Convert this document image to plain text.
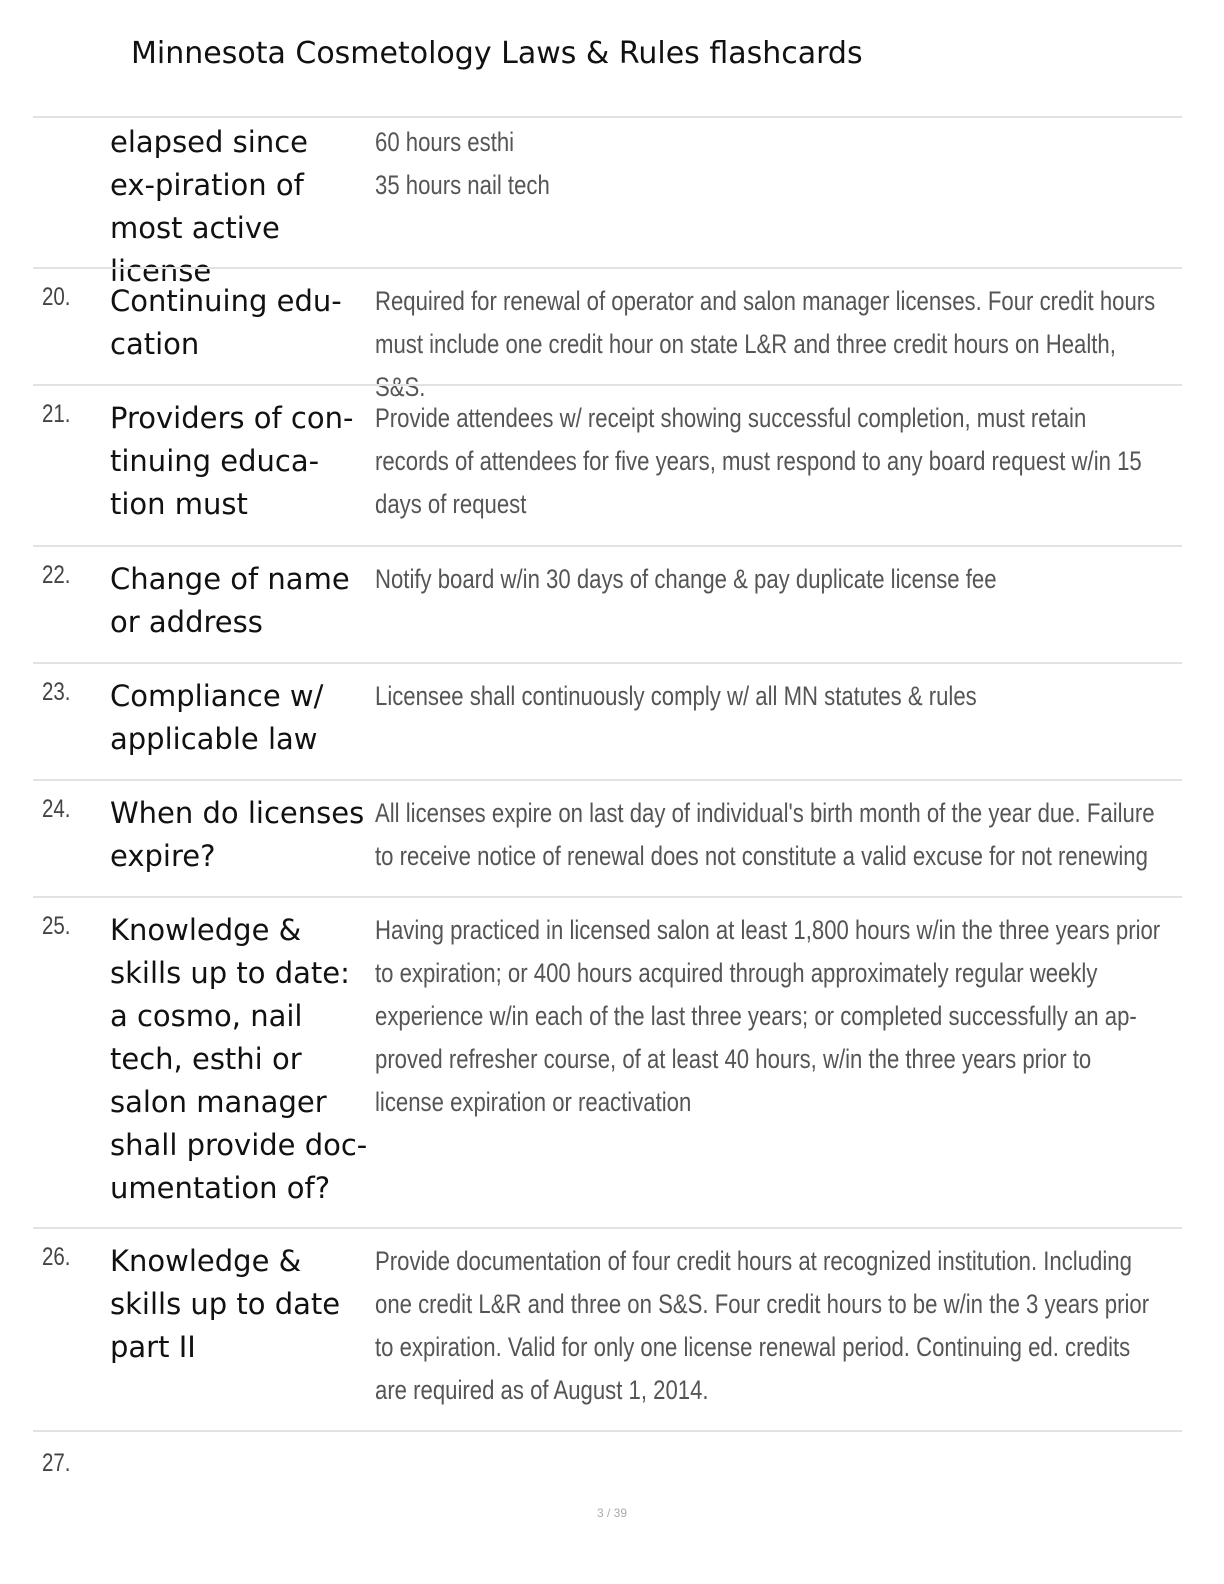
Minnesota Cosmetology Laws & Rules flashcards
elapsed since ex-piration of most active license
60 hours esthi
35 hours nail tech
20. Continuing edu-cation
Required for renewal of operator and salon manager licenses. Four credit hours must include one credit hour on state L&R and three credit hours on Health, S&S.
21. Providers of con-tinuing educa-tion must
Provide attendees w/ receipt showing successful completion, must retain records of attendees for five years, must respond to any board request w/in 15 days of request
22. Change of name or address
Notify board w/in 30 days of change & pay duplicate license fee
23. Compliance w/ applicable law
Licensee shall continuously comply w/ all MN statutes & rules
24. When do licenses expire?
All licenses expire on last day of individual's birth month of the year due. Failure to receive notice of renewal does not constitute a valid excuse for not renewing
25. Knowledge & skills up to date: a cosmo, nail tech, esthi or salon manager shall provide doc-umentation of?
Having practiced in licensed salon at least 1,800 hours w/in the three years prior to expiration; or 400 hours acquired through approximately regular weekly experience w/in each of the last three years; or completed successfully an ap-proved refresher course, of at least 40 hours, w/in the three years prior to license expiration or reactivation
26. Knowledge & skills up to date part II
Provide documentation of four credit hours at recognized institution. Including one credit L&R and three on S&S. Four credit hours to be w/in the 3 years prior to expiration. Valid for only one license renewal period. Continuing ed. credits are required as of August 1, 2014.
27.
3 / 39
